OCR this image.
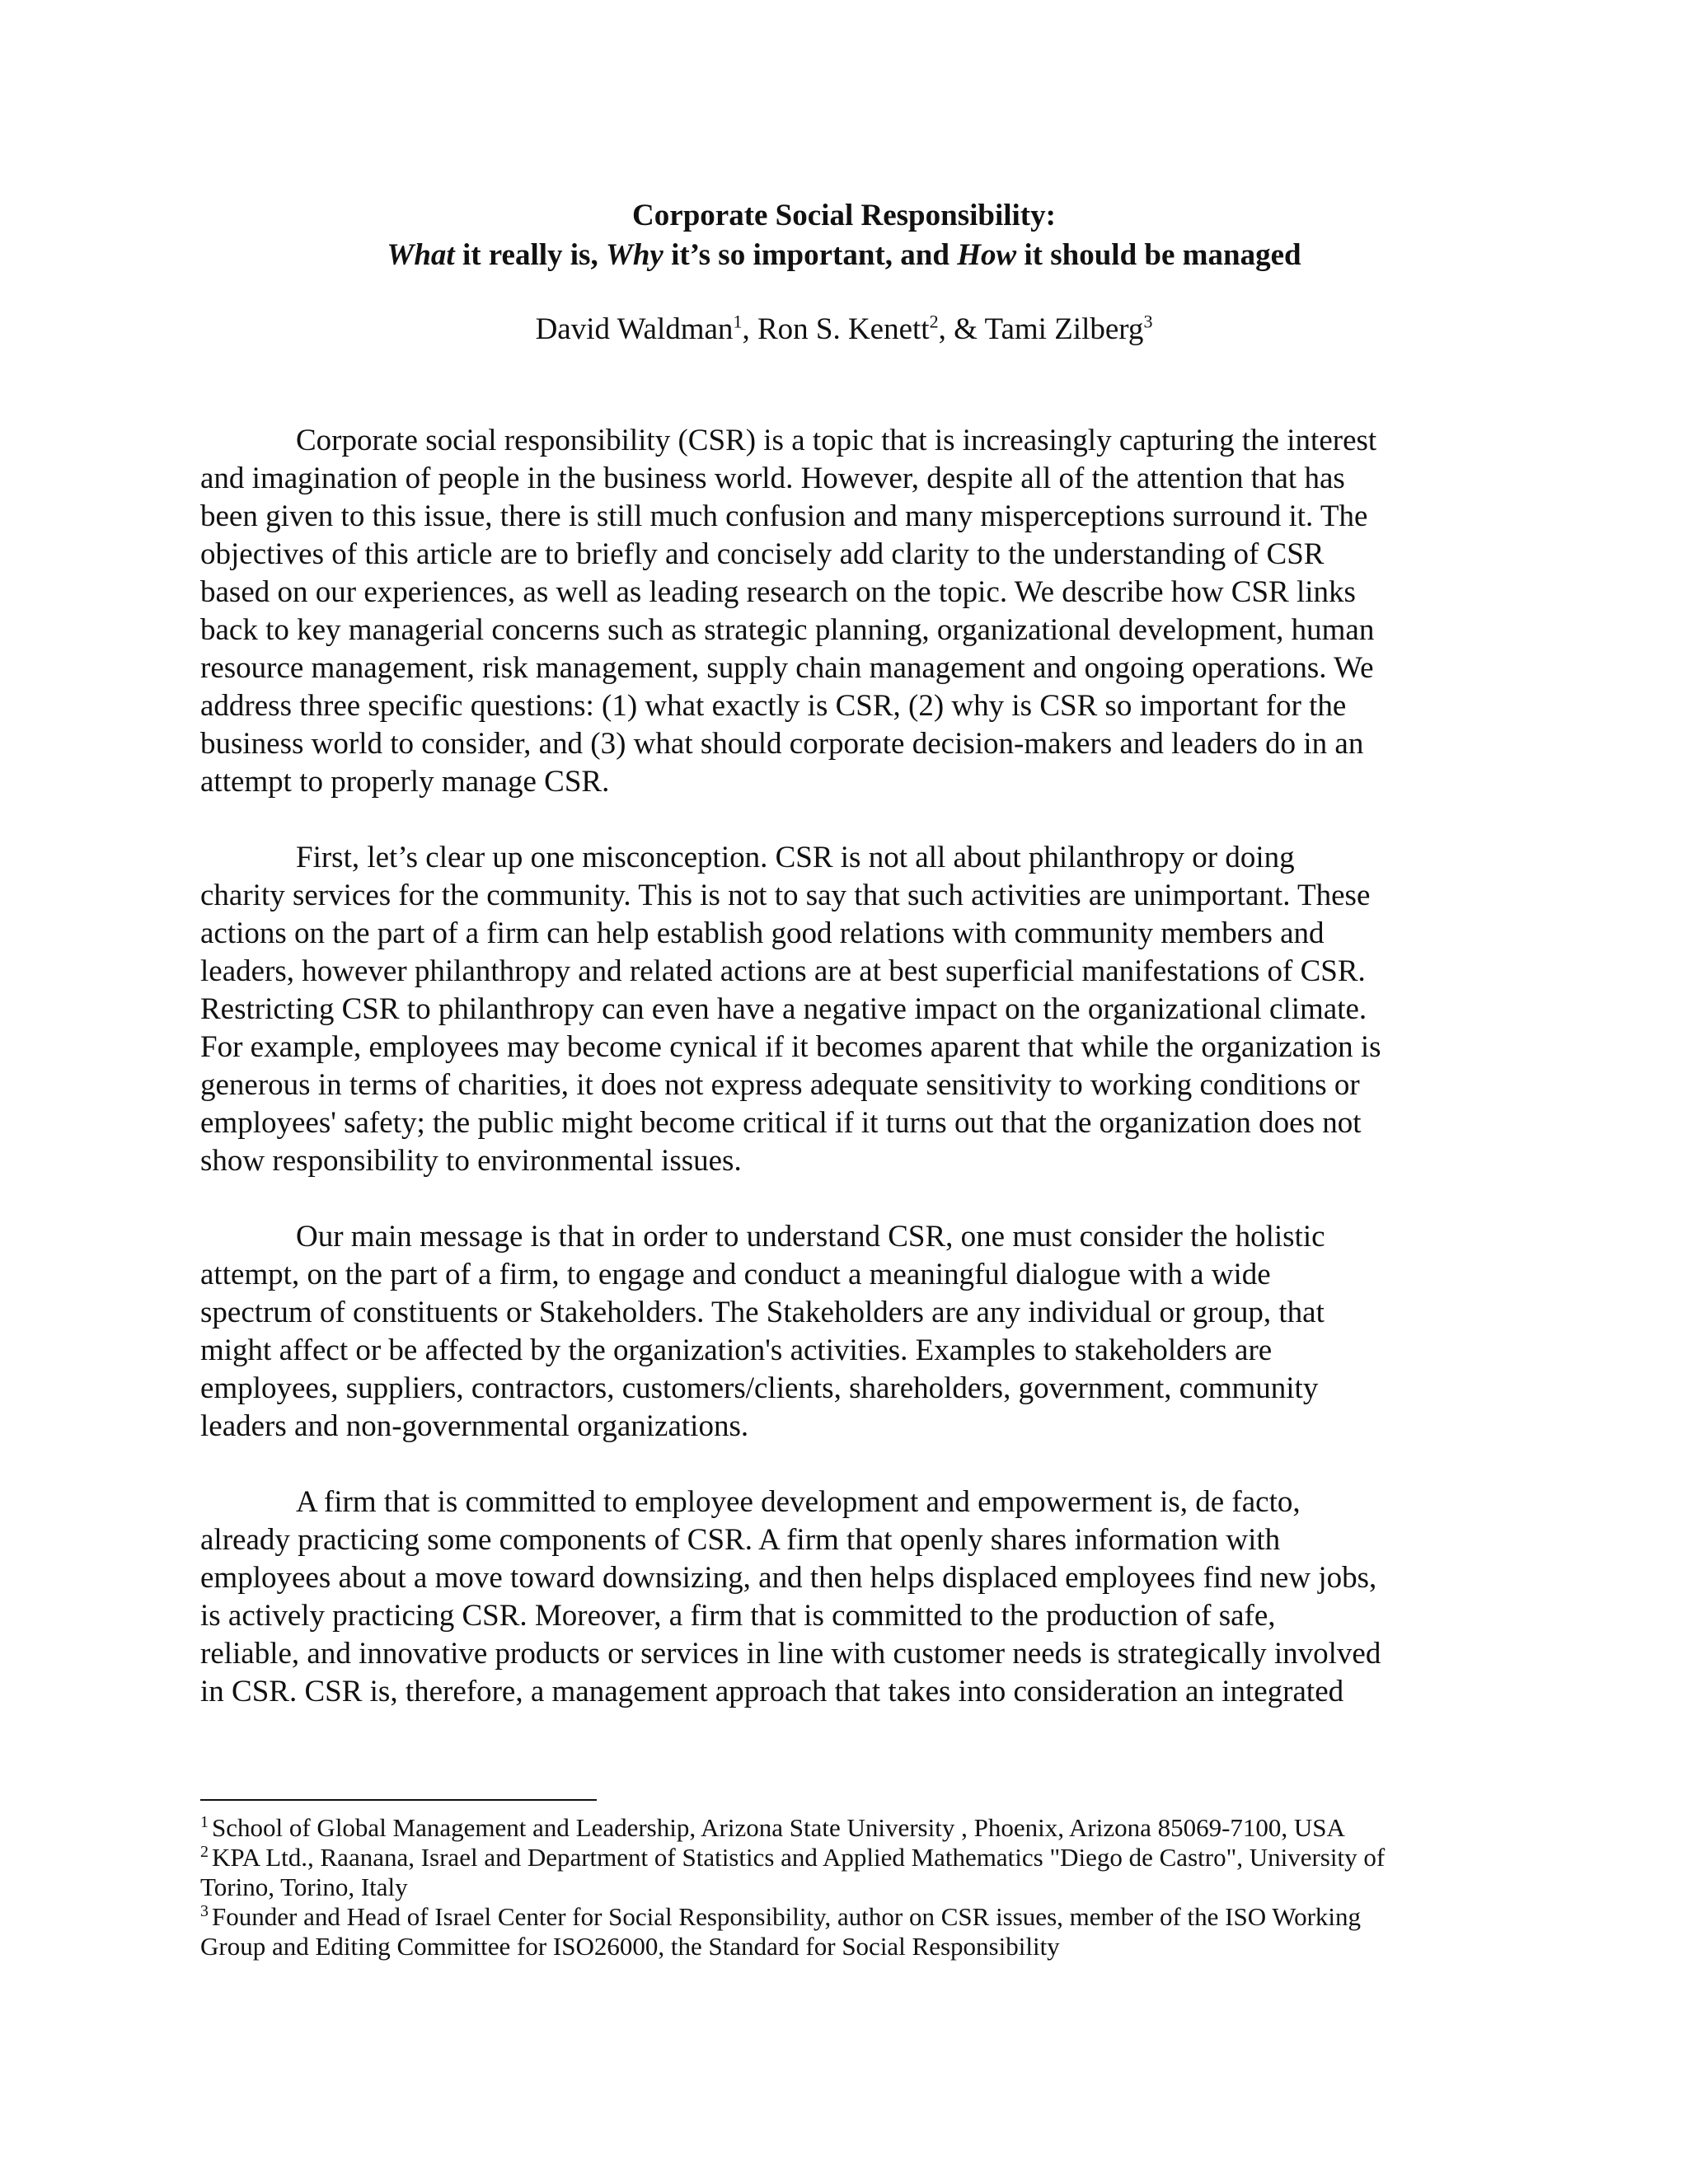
Corporate Social Responsibility:
What it really is, Why it’s so important, and How it should be managed
David Waldman$^1$, Ron S. Kenett$^2$, & Tami Zilberg$^3$
Corporate social responsibility (CSR) is a topic that is increasingly capturing the interest
and imagination of people in the business world. However, despite all of the attention that has
been given to this issue, there is still much confusion and many misperceptions surround it. The
objectives of this article are to briefly and concisely add clarity to the understanding of CSR
based on our experiences, as well as leading research on the topic. We describe how CSR links
back to key managerial concerns such as strategic planning, organizational development, human
resource management, risk management, supply chain management and ongoing operations. We
address three specific questions: (1) what exactly is CSR, (2) why is CSR so important for the
business world to consider, and (3) what should corporate decision-makers and leaders do in an
attempt to properly manage CSR.
First, let’s clear up one misconception. CSR is not all about philanthropy or doing
charity services for the community. This is not to say that such activities are unimportant. These
actions on the part of a firm can help establish good relations with community members and
leaders, however philanthropy and related actions are at best superficial manifestations of CSR.
Restricting CSR to philanthropy can even have a negative impact on the organizational climate.
For example, employees may become cynical if it becomes aparent that while the organization is
generous in terms of charities, it does not express adequate sensitivity to working conditions or
employees' safety; the public might become critical if it turns out that the organization does not
show responsibility to environmental issues.
Our main message is that in order to understand CSR, one must consider the holistic
attempt, on the part of a firm, to engage and conduct a meaningful dialogue with a wide
spectrum of constituents or Stakeholders. The Stakeholders are any individual or group, that
might affect or be affected by the organization's activities. Examples to stakeholders are
employees, suppliers, contractors, customers/clients, shareholders, government, community
leaders and non-governmental organizations.
A firm that is committed to employee development and empowerment is, de facto,
already practicing some components of CSR. A firm that openly shares information with
employees about a move toward downsizing, and then helps displaced employees find new jobs,
is actively practicing CSR. Moreover, a firm that is committed to the production of safe,
reliable, and innovative products or services in line with customer needs is strategically involved
in CSR. CSR is, therefore, a management approach that takes into consideration an integrated
$^1$ School of Global Management and Leadership, Arizona State University , Phoenix, Arizona 85069-7100, USA
$^2$ KPA Ltd., Raanana, Israel and Department of Statistics and Applied Mathematics "Diego de Castro", University of
Torino, Torino, Italy
$^3$ Founder and Head of Israel Center for Social Responsibility, author on CSR issues, member of the ISO Working
Group and Editing Committee for ISO26000, the Standard for Social Responsibility
